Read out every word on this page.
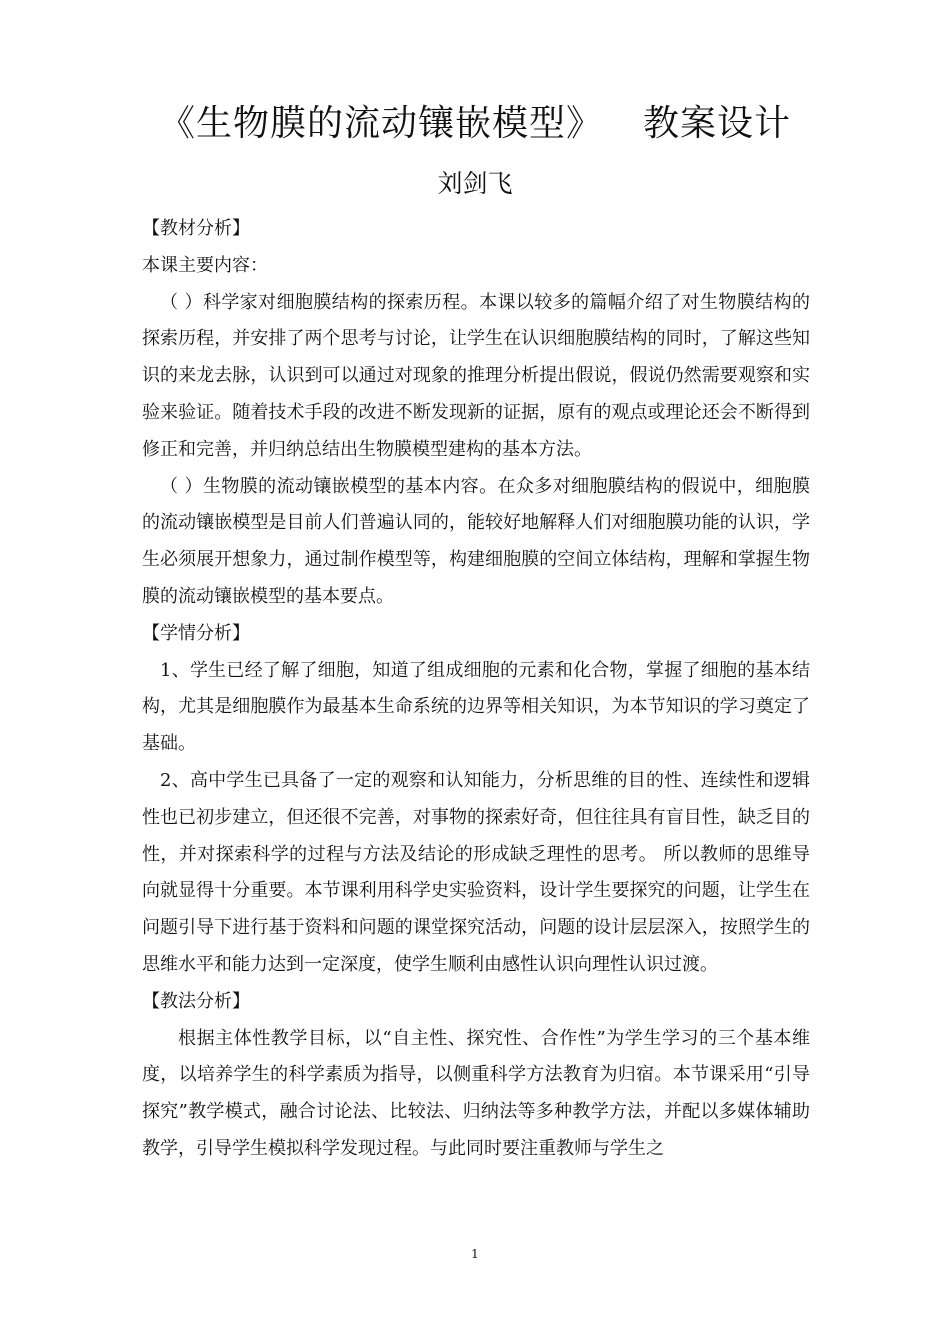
《生物膜的流动镶嵌模型》 教案设计
刘剑飞

【教材分析】

本课主要内容：

（ ）科学家对细胞膜结构的探索历程。本课以较多的篇幅介绍了对生物膜结构的探索历程，并安排了两个思考与讨论，让学生在认识细胞膜结构的同时，了解这些知识的来龙去脉，认识到可以通过对现象的推理分析提出假说，假说仍然需要观察和实验来验证。随着技术手段的改进不断发现新的证据，原有的观点或理论还会不断得到修正和完善，并归纳总结出生物膜模型建构的基本方法。

（ ）生物膜的流动镶嵌模型的基本内容。在众多对细胞膜结构的假说中，细胞膜的流动镶嵌模型是目前人们普遍认同的，能较好地解释人们对细胞膜功能的认识，学生必须展开想象力，通过制作模型等，构建细胞膜的空间立体结构，理解和掌握生物膜的流动镶嵌模型的基本要点。

【学情分析】

1、学生已经了解了细胞，知道了组成细胞的元素和化合物，掌握了细胞的基本结构，尤其是细胞膜作为最基本生命系统的边界等相关知识，为本节知识的学习奠定了基础。

2、高中学生已具备了一定的观察和认知能力，分析思维的目的性、连续性和逻辑性也已初步建立，但还很不完善，对事物的探索好奇，但往往具有盲目性，缺乏目的性，并对探索科学的过程与方法及结论的形成缺乏理性的思考。 所以教师的思维导向就显得十分重要。本节课利用科学史实验资料，设计学生要探究的问题，让学生在问题引导下进行基于资料和问题的课堂探究活动，问题的设计层层深入，按照学生的思维水平和能力达到一定深度，使学生顺利由感性认识向理性认识过渡。

【教法分析】

根据主体性教学目标，以“自主性、探究性、合作性”为学生学习的三个基本维度，以培养学生的科学素质为指导，以侧重科学方法教育为归宿。本节课采用“引导探究”教学模式，融合讨论法、比较法、归纳法等多种教学方法，并配以多媒体辅助教学，引导学生模拟科学发现过程。与此同时要注重教师与学生之

1
